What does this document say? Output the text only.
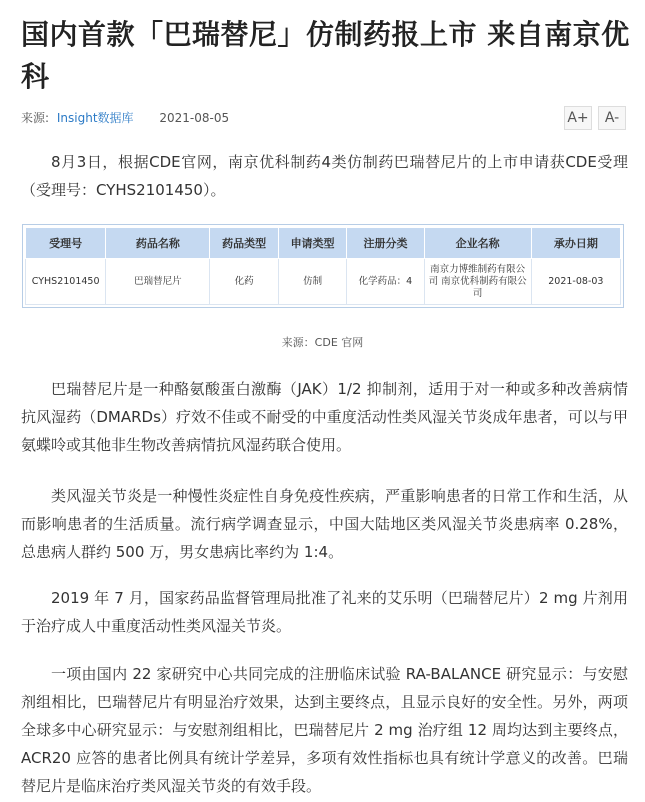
国内首款「巴瑞替尼」仿制药报上市 来自南京优科
来源: Insight数据库 2021-08-05	A+	A-

8月3日，根据CDE官网，南京优科制药4类仿制药巴瑞替尼片的上市申请获CDE受理（受理号：CYHS2101450）。

受理号	药品名称	药品类型	申请类型	注册分类	企业名称	承办日期
CYHS2101450	巴瑞替尼片	化药	仿制	化学药品：4	南京力博维制药有限公司 南京优科制药有限公司	2021-08-03
来源：CDE 官网

巴瑞替尼片是一种酪氨酸蛋白激酶（JAK）1/2 抑制剂，适用于对一种或多种改善病情抗风湿药（DMARDs）疗效不佳或不耐受的中重度活动性类风湿关节炎成年患者，可以与甲氨蝶呤或其他非生物改善病情抗风湿药联合使用。

类风湿关节炎是一种慢性炎症性自身免疫性疾病，严重影响患者的日常工作和生活，从而影响患者的生活质量。流行病学调查显示，中国大陆地区类风湿关节炎患病率 0.28%，总患病人群约 500 万，男女患病比率约为 1:4。

2019 年 7 月，国家药品监督管理局批准了礼来的艾乐明（巴瑞替尼片）2 mg 片剂用于治疗成人中重度活动性类风湿关节炎。

一项由国内 22 家研究中心共同完成的注册临床试验 RA-BALANCE 研究显示：与安慰剂组相比，巴瑞替尼片有明显治疗效果，达到主要终点，且显示良好的安全性。另外，两项全球多中心研究显示：与安慰剂组相比，巴瑞替尼片 2 mg 治疗组 12 周均达到主要终点，ACR20 应答的患者比例具有统计学差异，多项有效性指标也具有统计学意义的改善。巴瑞替尼片是临床治疗类风湿关节炎的有效手段。
